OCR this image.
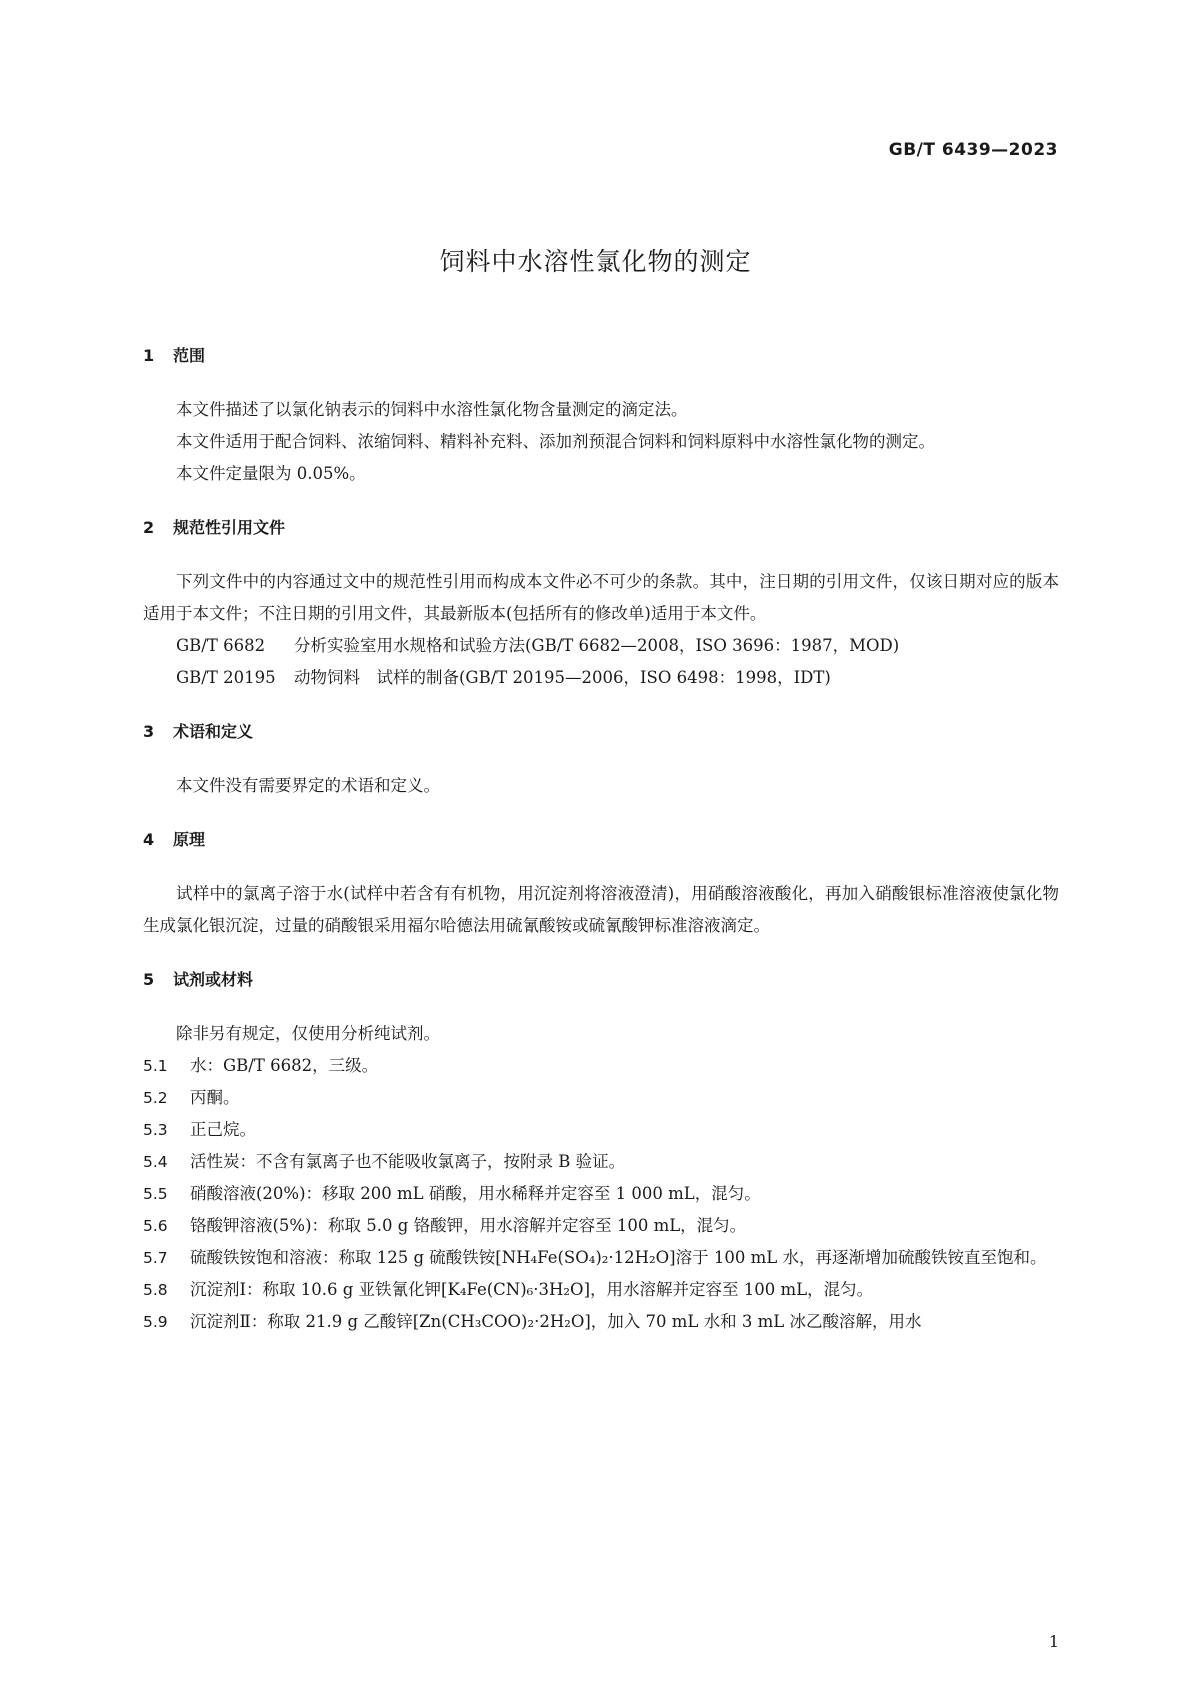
GB/T 6439—2023
饲料中水溶性氯化物的测定
1 范围

本文件描述了以氯化钠表示的饲料中水溶性氯化物含量测定的滴定法。

本文件适用于配合饲料、浓缩饲料、精料补充料、添加剂预混合饲料和饲料原料中水溶性氯化物的测定。

本文件定量限为 0.05%。

2 规范性引用文件

下列文件中的内容通过文中的规范性引用而构成本文件必不可少的条款。其中，注日期的引用文件，仅该日期对应的版本适用于本文件；不注日期的引用文件，其最新版本(包括所有的修改单)适用于本文件。

GB/T 6682 分析实验室用水规格和试验方法(GB/T 6682—2008，ISO 3696：1987，MOD)
GB/T 20195 动物饲料　试样的制备(GB/T 20195—2006，ISO 6498：1998，IDT)
3 术语和定义

本文件没有需要界定的术语和定义。

4 原理

试样中的氯离子溶于水(试样中若含有有机物，用沉淀剂将溶液澄清)，用硝酸溶液酸化，再加入硝酸银标准溶液使氯化物生成氯化银沉淀，过量的硝酸银采用福尔哈德法用硫氰酸铵或硫氰酸钾标准溶液滴定。

5 试剂或材料

除非另有规定，仅使用分析纯试剂。

5.1 水：GB/T 6682，三级。

5.2 丙酮。

5.3 正己烷。

5.4 活性炭：不含有氯离子也不能吸收氯离子，按附录 B 验证。

5.5 硝酸溶液(20%)：移取 200 mL 硝酸，用水稀释并定容至 1 000 mL，混匀。

5.6 铬酸钾溶液(5%)：称取 5.0 g 铬酸钾，用水溶解并定容至 100 mL，混匀。

5.7 硫酸铁铵饱和溶液：称取 125 g 硫酸铁铵[NH₄Fe(SO₄)₂·12H₂O]溶于 100 mL 水，再逐渐增加硫酸铁铵直至饱和。

5.8 沉淀剂Ⅰ：称取 10.6 g 亚铁氰化钾[K₄Fe(CN)₆·3H₂O]，用水溶解并定容至 100 mL，混匀。

5.9 沉淀剂Ⅱ：称取 21.9 g 乙酸锌[Zn(CH₃COO)₂·2H₂O]，加入 70 mL 水和 3 mL 冰乙酸溶解，用水

1
